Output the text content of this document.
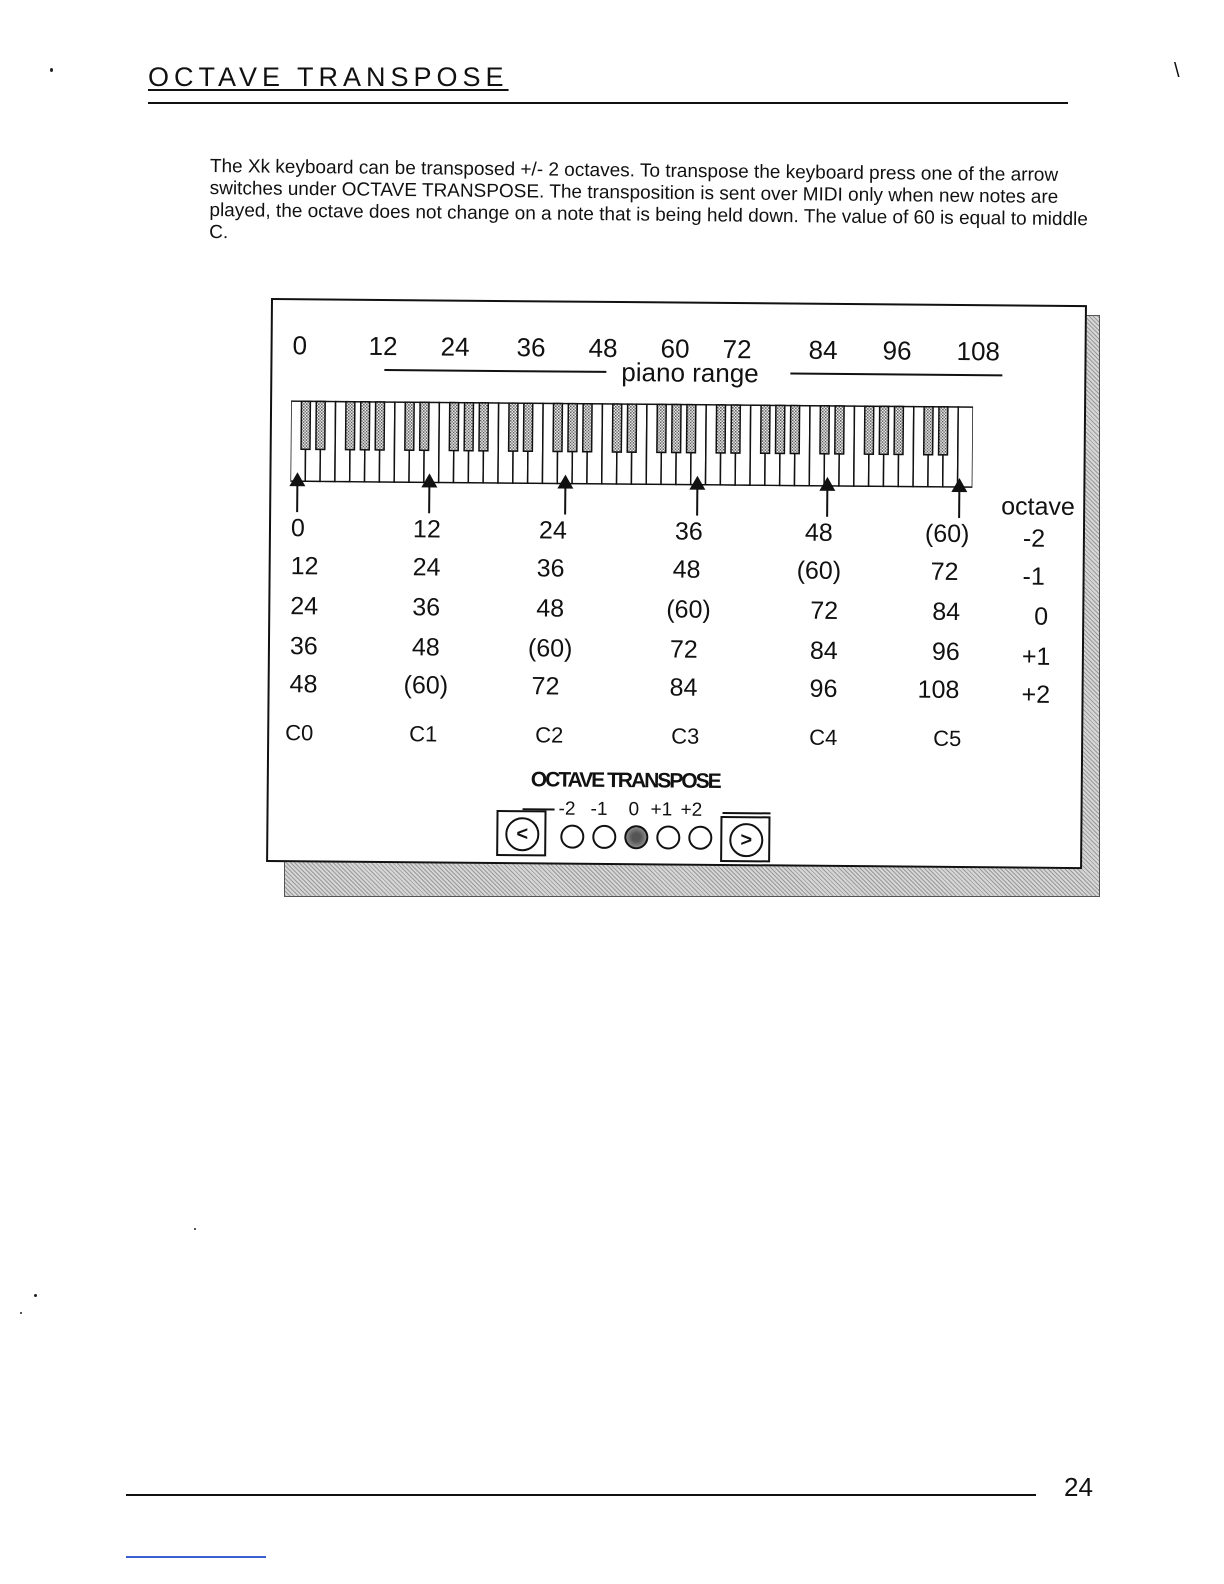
OCTAVE TRANSPOSE	\

The Xk keyboard can be transposed +/- 2 octaves. To transpose the keyboard press one of the arrow switches under OCTAVE TRANSPOSE. The transposition is sent over MIDI only when new notes are played, the octave does not change on a note that is being held down. The value of 60 is equal to middle C.

0 12 24 36 48 60 72 84 96 108
piano range
octave
0	12	24	36	48	(60) -2
12	24	36	48	(60)	72	-1
24	36	48	(60)	72	84	0
36	48	(60)	72	84	96 +1
48	(60)	72	84	96	108 +2
C0	C1	C2	C3	C4	C5
OCTAVE TRANSPOSE
-2 -1 0 +1 +2
<	>
24
